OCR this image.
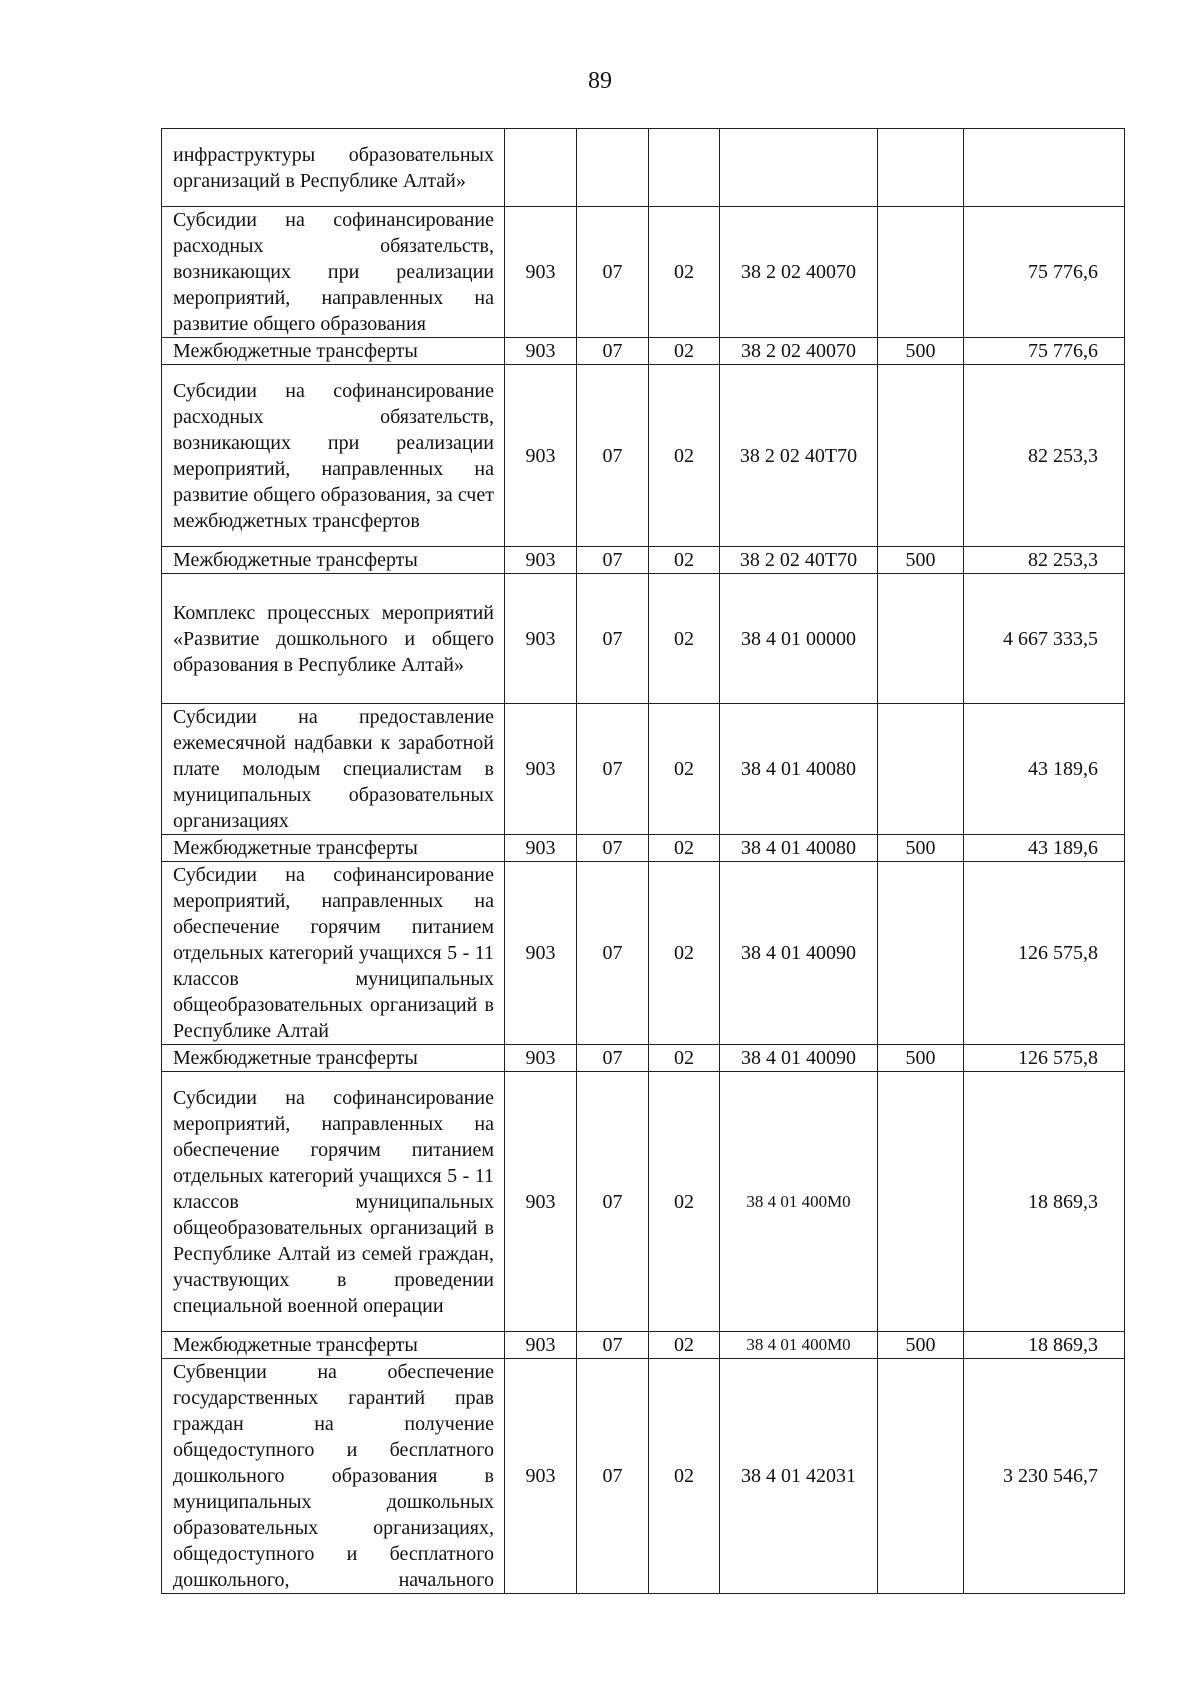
89
инфраструктуры образовательных организаций в Республике Алтай»						
Субсидии на софинансирование расходных обязательств, возникающих при реализации мероприятий, направленных на развитие общего образования	903	07	02	38 2 02 40070		75 776,6
Межбюджетные трансферты	903	07	02	38 2 02 40070	500	75 776,6
Субсидии на софинансирование расходных обязательств, возникающих при реализации мероприятий, направленных на развитие общего образования, за счет межбюджетных трансфертов	903	07	02	38 2 02 40Т70		82 253,3
Межбюджетные трансферты	903	07	02	38 2 02 40Т70	500	82 253,3
Комплекс процессных мероприятий «Развитие дошкольного и общего образования в Республике Алтай»	903	07	02	38 4 01 00000		4 667 333,5
Субсидии на предоставление ежемесячной надбавки к заработной плате молодым специалистам в муниципальных образовательных организациях	903	07	02	38 4 01 40080		43 189,6
Межбюджетные трансферты	903	07	02	38 4 01 40080	500	43 189,6
Субсидии на софинансирование мероприятий, направленных на обеспечение горячим питанием отдельных категорий учащихся 5 - 11 классов муниципальных общеобразовательных организаций в Республике Алтай	903	07	02	38 4 01 40090		126 575,8
Межбюджетные трансферты	903	07	02	38 4 01 40090	500	126 575,8
Субсидии на софинансирование мероприятий, направленных на обеспечение горячим питанием отдельных категорий учащихся 5 - 11 классов муниципальных общеобразовательных организаций в Республике Алтай из семей граждан, участвующих в проведении специальной военной операции	903	07	02	38 4 01 400М0		18 869,3
Межбюджетные трансферты	903	07	02	38 4 01 400М0	500	18 869,3
Субвенции на обеспечение государственных гарантий прав граждан на получение общедоступного и бесплатного дошкольного образования в муниципальных дошкольных образовательных организациях, общедоступного и бесплатного дошкольного, начального	903	07	02	38 4 01 42031		3 230 546,7
